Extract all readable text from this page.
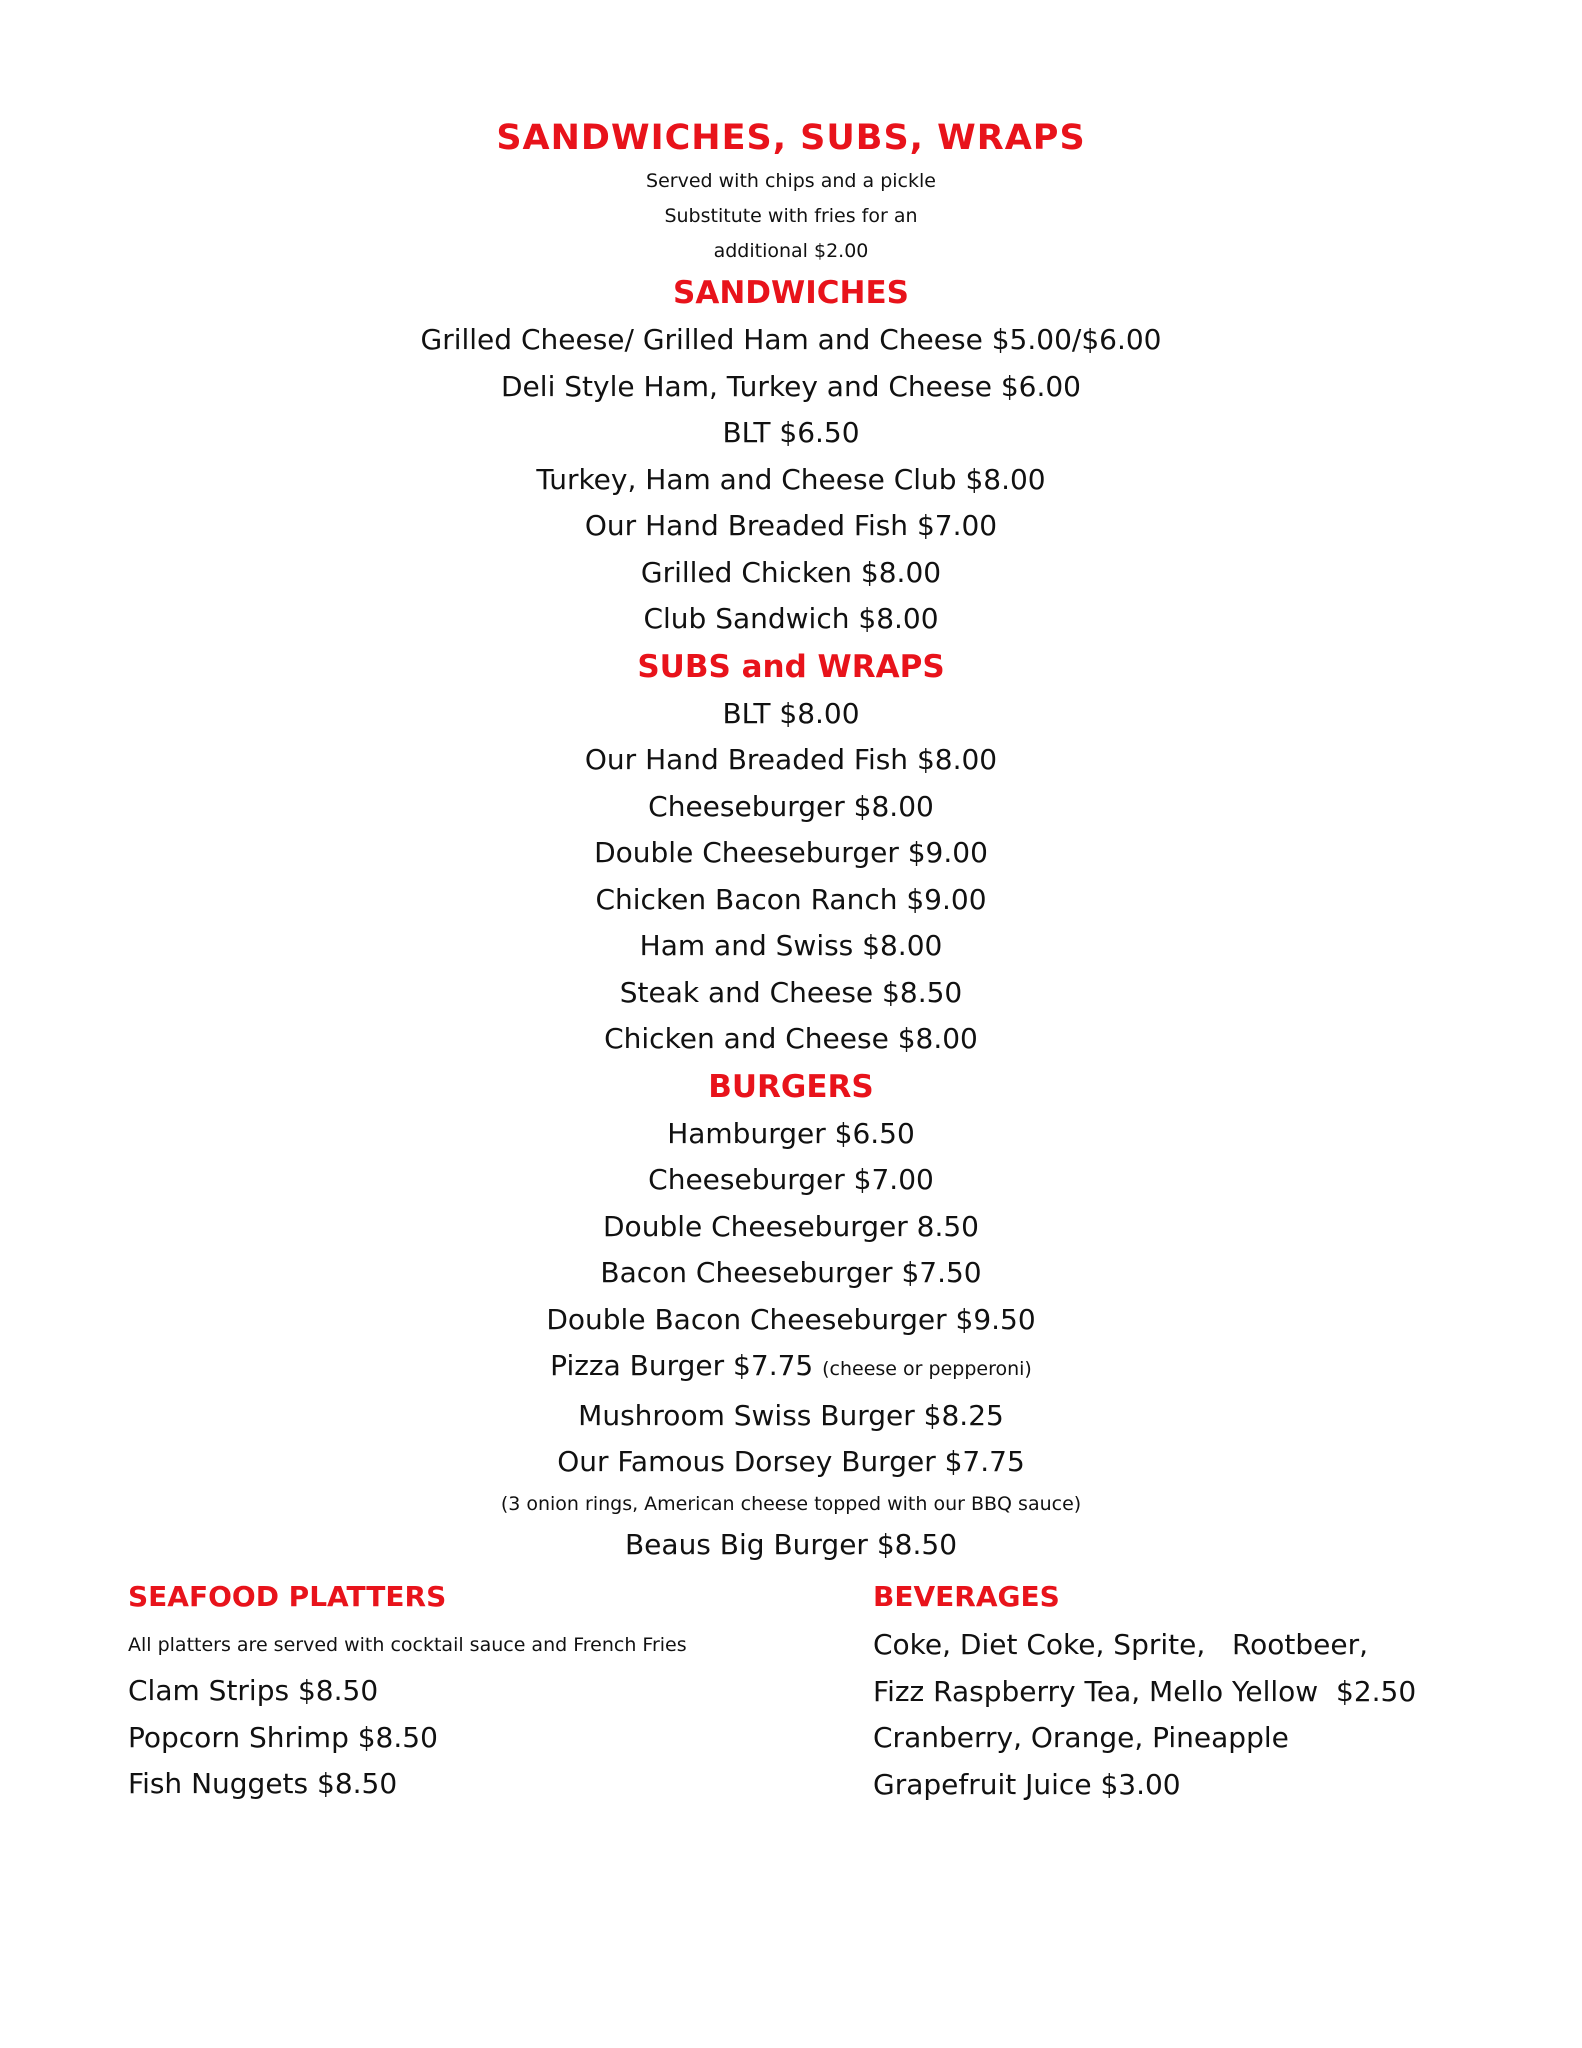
SANDWICHES, SUBS, WRAPS

Served with chips and a pickle

Substitute with fries for an

additional $2.00

SANDWICHES

Grilled Cheese/ Grilled Ham and Cheese $5.00/$6.00

Deli Style Ham, Turkey and Cheese $6.00

BLT $6.50

Turkey, Ham and Cheese Club $8.00

Our Hand Breaded Fish $7.00

Grilled Chicken $8.00

Club Sandwich $8.00

SUBS and WRAPS

BLT $8.00

Our Hand Breaded Fish $8.00

Cheeseburger $8.00

Double Cheeseburger $9.00

Chicken Bacon Ranch $9.00

Ham and Swiss $8.00

Steak and Cheese $8.50

Chicken and Cheese $8.00

BURGERS

Hamburger $6.50

Cheeseburger $7.00

Double Cheeseburger 8.50

Bacon Cheeseburger $7.50

Double Bacon Cheeseburger $9.50

Pizza Burger $7.75 (cheese or pepperoni)

Mushroom Swiss Burger $8.25

Our Famous Dorsey Burger $7.75

(3 onion rings, American cheese topped with our BBQ sauce)

Beaus Big Burger $8.50

SEAFOOD PLATTERS

All platters are served with cocktail sauce and French Fries

Clam Strips $8.50

Popcorn Shrimp $8.50

Fish Nuggets $8.50

BEVERAGES

Coke, Diet Coke, Sprite,   Rootbeer,

Fizz Raspberry Tea, Mello Yellow  $2.50

Cranberry, Orange, Pineapple

Grapefruit Juice $3.00
